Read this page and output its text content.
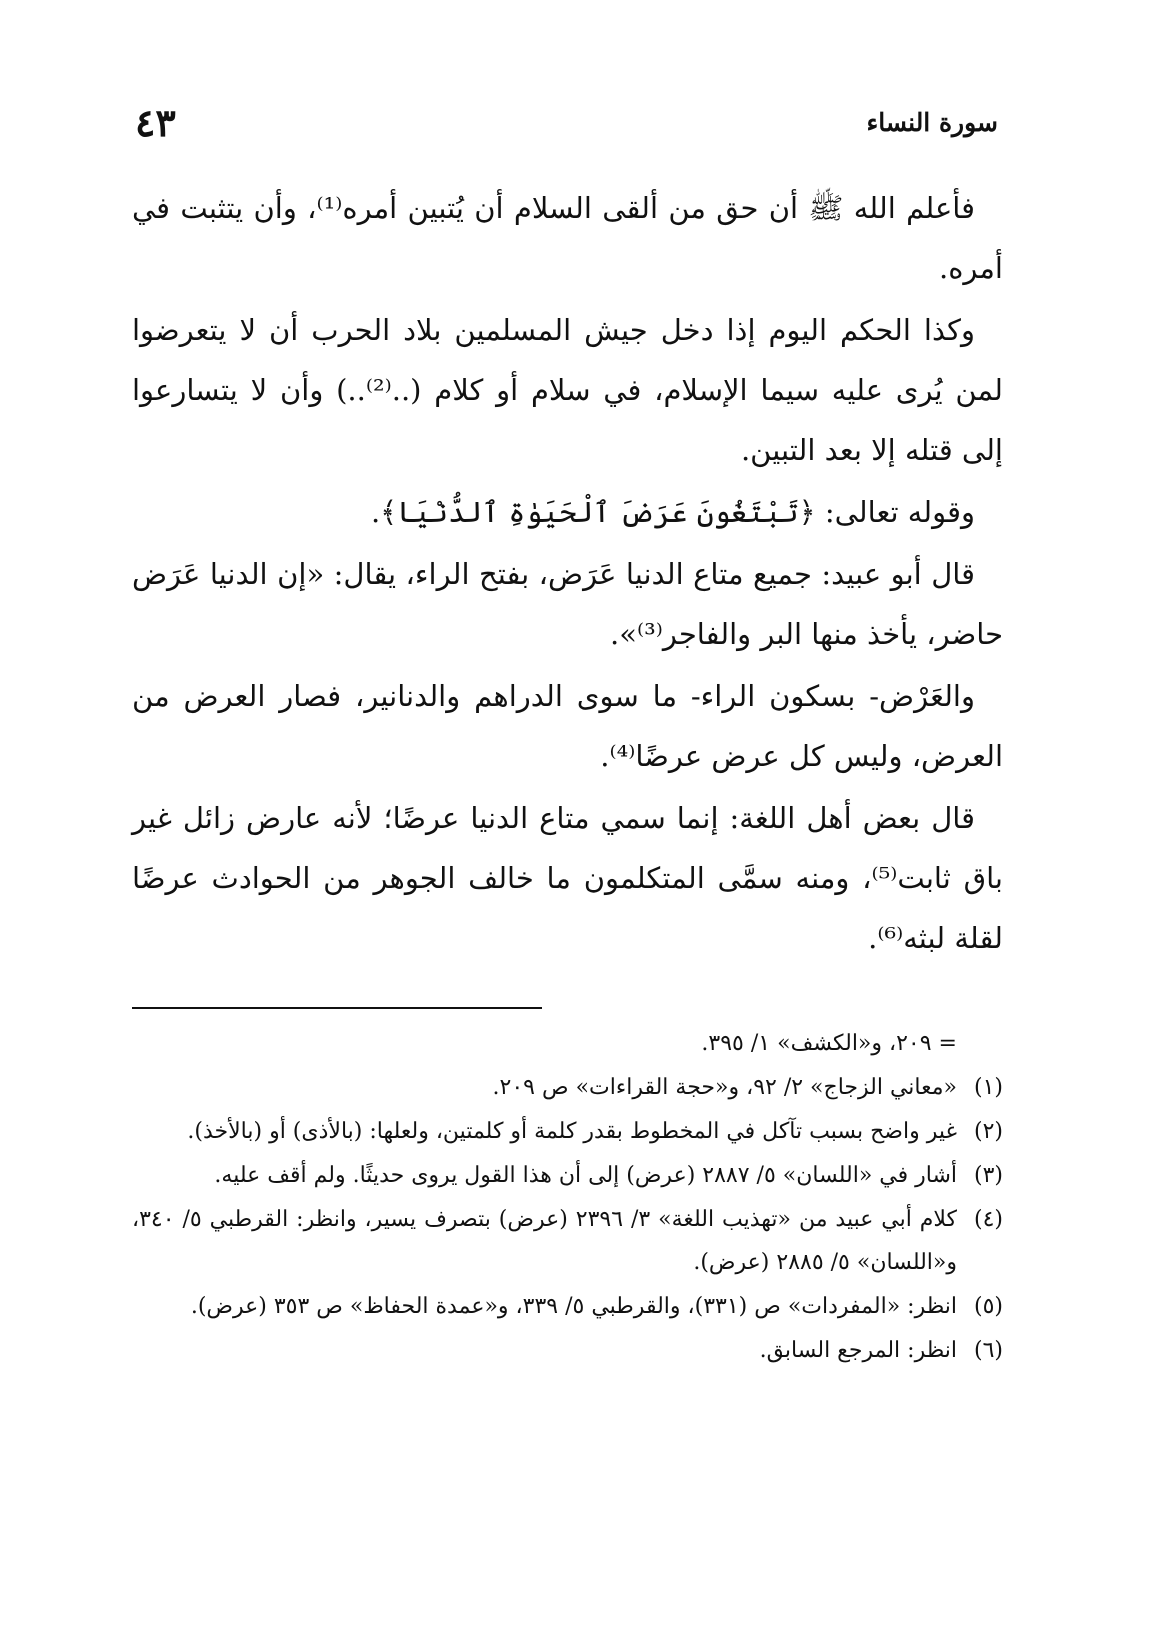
سورة النساء
٤٣

فأعلم الله ﷺ أن حق من ألقى السلام أن يُتبين أمره⁽¹⁾، وأن يتثبت في أمره.

وكذا الحكم اليوم إذا دخل جيش المسلمين بلاد الحرب أن لا يتعرضوا لمن يُرى عليه سيما الإسلام، في سلام أو كلام (..⁽²⁾..) وأن لا يتسارعوا إلى قتله إلا بعد التبين.

وقوله تعالى: ﴿تَبْتَغُونَ عَرَضَ ٱلْحَيَوٰةِ ٱلدُّنْيَا﴾.

قال أبو عبيد: جميع متاع الدنيا عَرَض، بفتح الراء، يقال: «إن الدنيا عَرَض حاضر، يأخذ منها البر والفاجر⁽³⁾».

والعَرْض- بسكون الراء- ما سوى الدراهم والدنانير، فصار العرض من العرض، وليس كل عرض عرضًا⁽⁴⁾.

قال بعض أهل اللغة: إنما سمي متاع الدنيا عرضًا؛ لأنه عارض زائل غير باق ثابت⁽⁵⁾، ومنه سمَّى المتكلمون ما خالف الجوهر من الحوادث عرضًا لقلة لبثه⁽⁶⁾.

= ٢٠٩، و«الكشف» ١/ ٣٩٥.
(١)
«معاني الزجاج» ٢/ ٩٢، و«حجة القراءات» ص ٢٠٩.
(٢)
غير واضح بسبب تآكل في المخطوط بقدر كلمة أو كلمتين، ولعلها: (بالأذى) أو (بالأخذ).
(٣)
أشار في «اللسان» ٥/ ٢٨٨٧ (عرض) إلى أن هذا القول يروى حديثًا. ولم أقف عليه.
(٤)
كلام أبي عبيد من «تهذيب اللغة» ٣/ ٢٣٩٦ (عرض) بتصرف يسير، وانظر: القرطبي ٥/ ٣٤٠، و«اللسان» ٥/ ٢٨٨٥ (عرض).
(٥)
انظر: «المفردات» ص (٣٣١)، والقرطبي ٥/ ٣٣٩، و«عمدة الحفاظ» ص ٣٥٣ (عرض).
(٦)
انظر: المرجع السابق.
